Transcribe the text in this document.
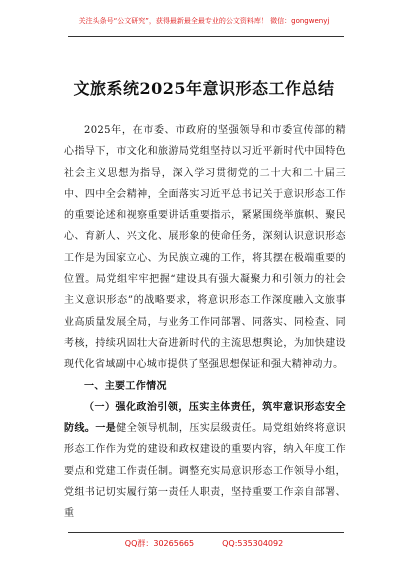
关注头条号“公文研究”，获得最新最全最专业的公文资料库！ 微信：gongwenyj
文旅系统2025年意识形态工作总结

2025年，在市委、市政府的坚强领导和市委宣传部的精心指导下，市文化和旅游局党组坚持以习近平新时代中国特色社会主义思想为指导，深入学习贯彻党的二十大和二十届三中、四中全会精神，全面落实习近平总书记关于意识形态工作的重要论述和视察重要讲话重要指示，紧紧围绕举旗帜、聚民心、育新人、兴文化、展形象的使命任务，深刻认识意识形态工作是为国家立心、为民族立魂的工作，将其摆在极端重要的位置。局党组牢牢把握“建设具有强大凝聚力和引领力的社会主义意识形态”的战略要求，将意识形态工作深度融入文旅事业高质量发展全局，与业务工作同部署、同落实、同检查、同考核，持续巩固壮大奋进新时代的主流思想舆论，为加快建设现代化省域副中心城市提供了坚强思想保证和强大精神动力。

一、主要工作情况

（一）强化政治引领，压实主体责任，筑牢意识形态安全防线。一是健全领导机制，压实层级责任。局党组始终将意识形态工作作为党的建设和政权建设的重要内容，纳入年度工作要点和党建工作责任制。调整充实局意识形态工作领导小组，党组书记切实履行第一责任人职责，坚持重要工作亲自部署、重

QQ群：30265665	QQ:535304092
